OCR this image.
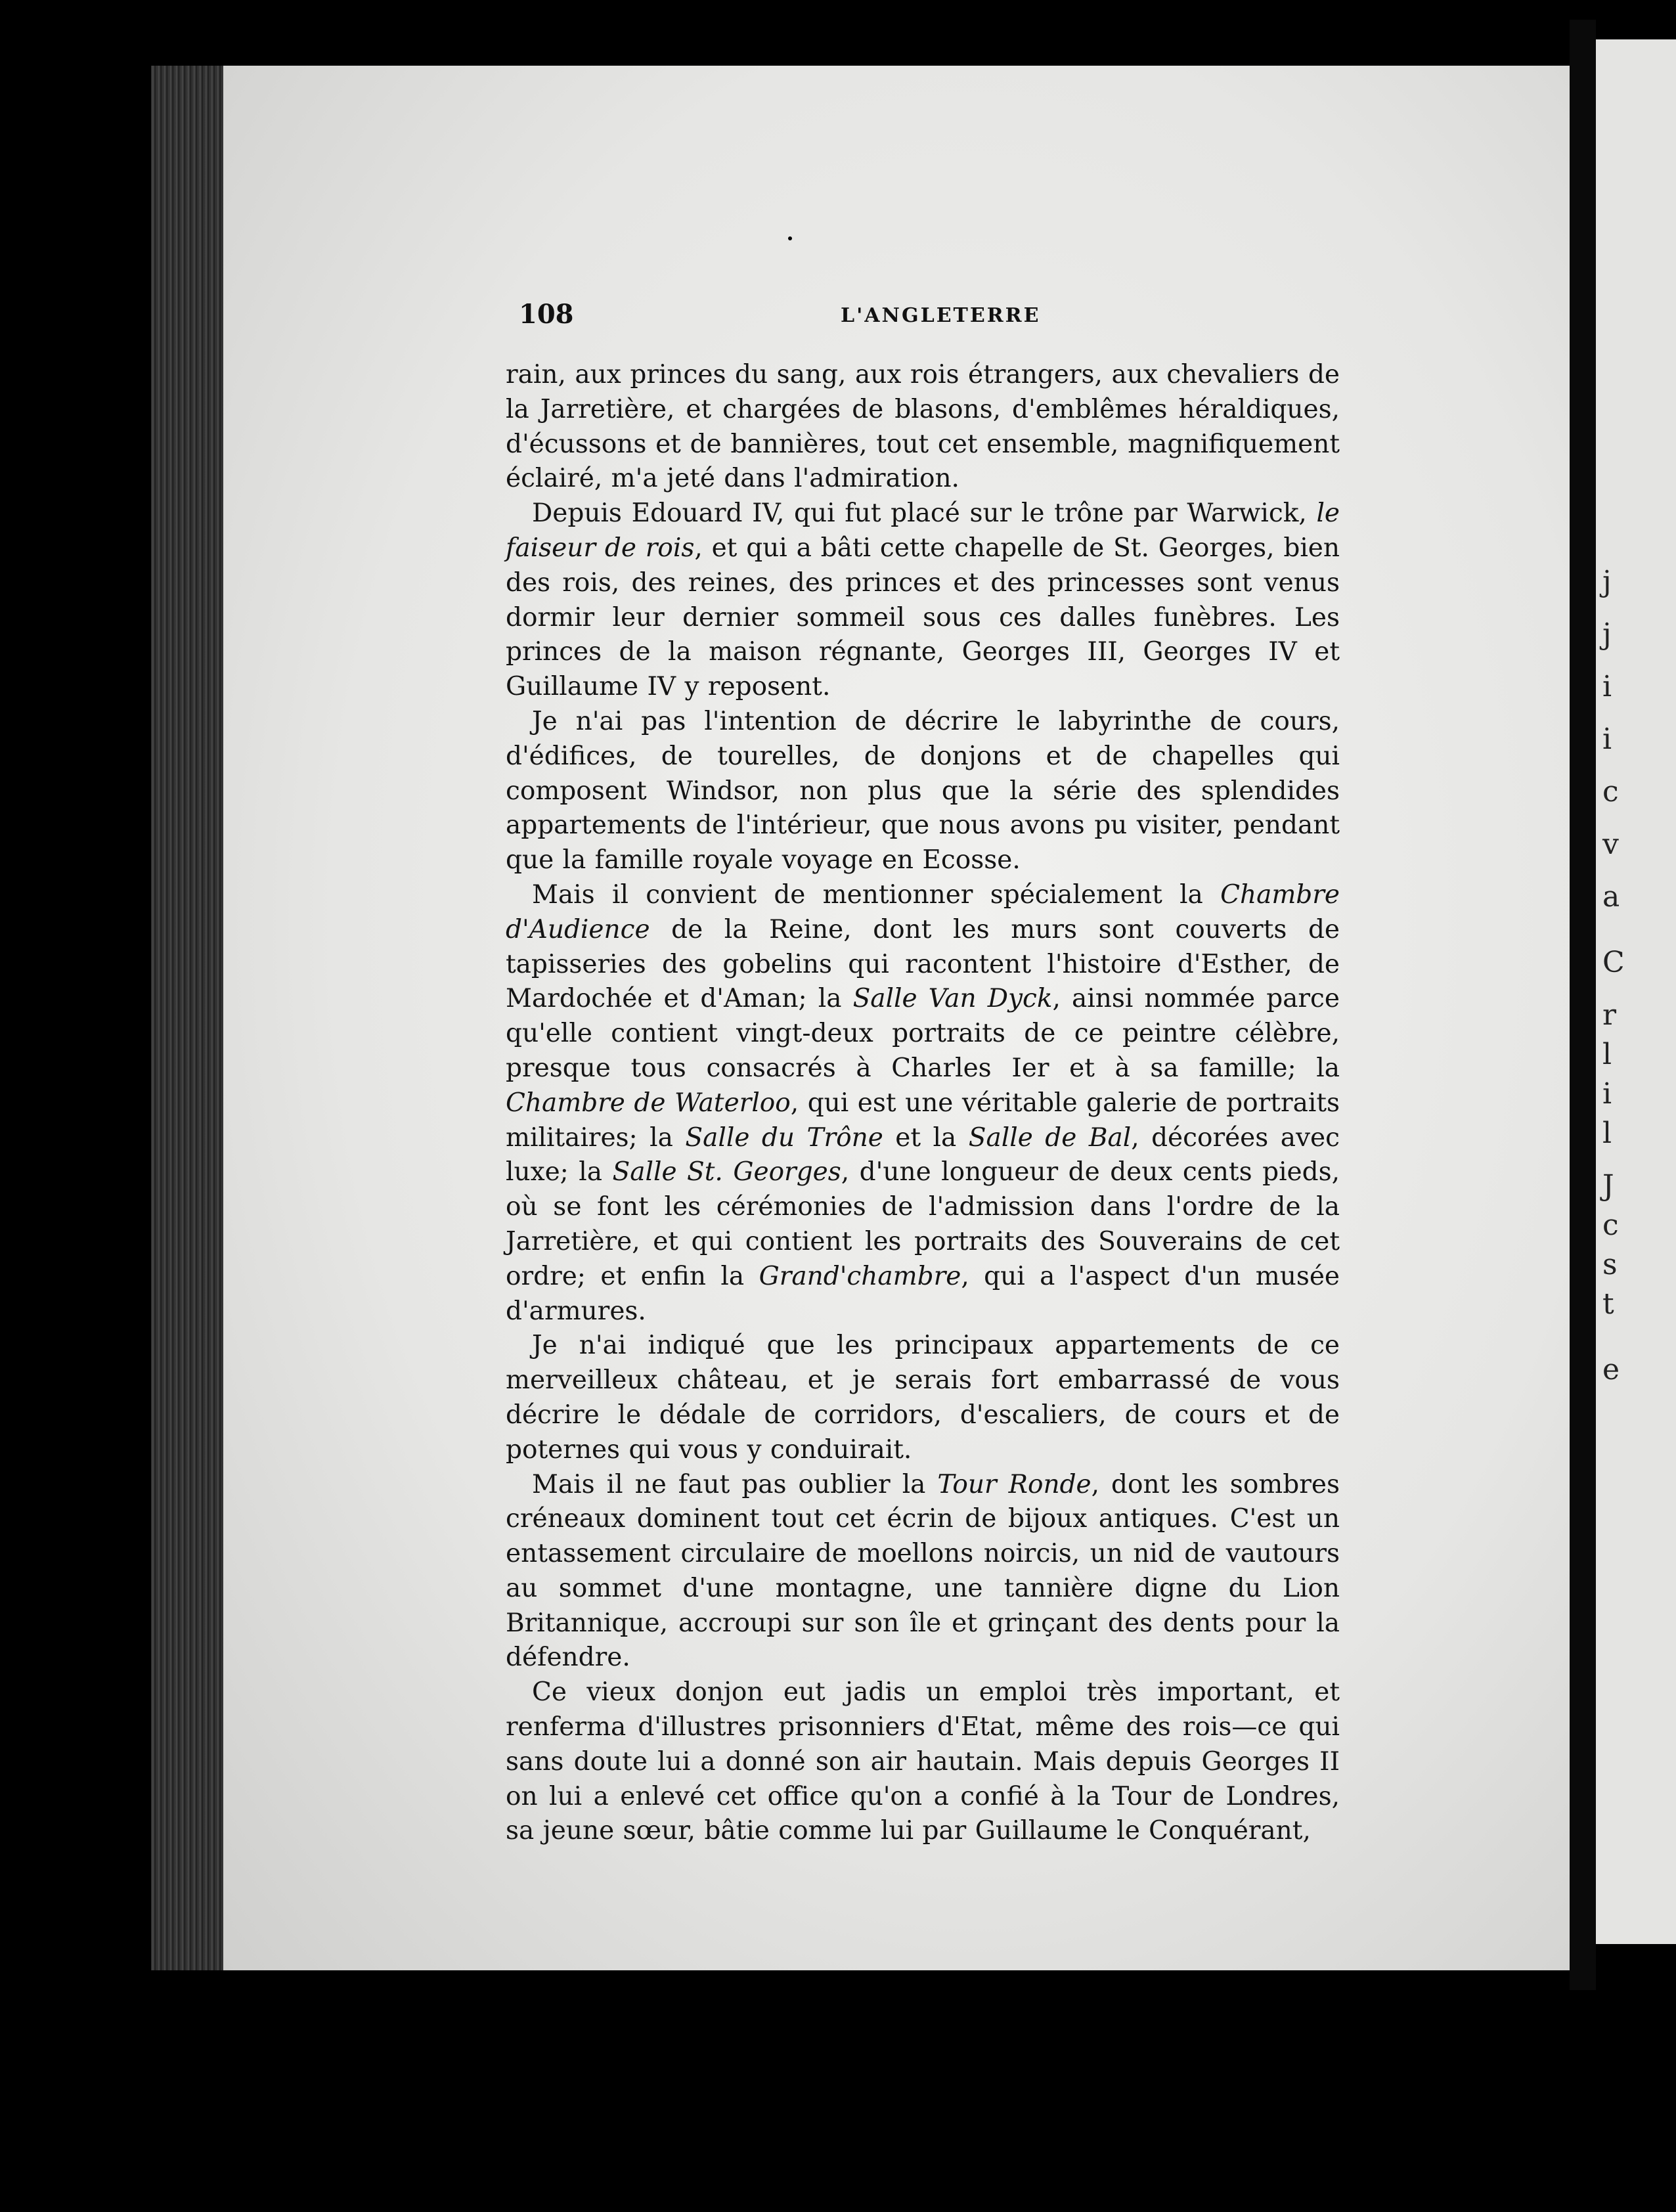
j
j
i
i
c
v
a
C
r
l
i
l
J
c
s
t
e
108	L'ANGLETERRE

rain, aux princes du sang, aux rois étrangers, aux chevaliers de la Jarretière, et chargées de blasons, d'emblêmes héraldiques, d'écussons et de bannières, tout cet ensemble, magnifiquement éclairé, m'a jeté dans l'admiration.

Depuis Edouard IV, qui fut placé sur le trône par Warwick, le faiseur de rois, et qui a bâti cette chapelle de St. Georges, bien des rois, des reines, des princes et des princesses sont venus dormir leur dernier sommeil sous ces dalles funèbres. Les princes de la maison régnante, Georges III, Georges IV et Guillaume IV y reposent.

Je n'ai pas l'intention de décrire le labyrinthe de cours, d'édifices, de tourelles, de donjons et de chapelles qui composent Windsor, non plus que la série des splendides appartements de l'intérieur, que nous avons pu visiter, pendant que la famille royale voyage en Ecosse.

Mais il convient de mentionner spécialement la Chambre d'Audience de la Reine, dont les murs sont couverts de tapisseries des gobelins qui racontent l'histoire d'Esther, de Mardochée et d'Aman; la Salle Van Dyck, ainsi nommée parce qu'elle contient vingt-deux portraits de ce peintre célèbre, presque tous consacrés à Charles Ier et à sa famille; la Chambre de Waterloo, qui est une véritable galerie de portraits militaires; la Salle du Trône et la Salle de Bal, décorées avec luxe; la Salle St. Georges, d'une longueur de deux cents pieds, où se font les cérémonies de l'admission dans l'ordre de la Jarretière, et qui contient les portraits des Souverains de cet ordre; et enfin la Grand'chambre, qui a l'aspect d'un musée d'armures.

Je n'ai indiqué que les principaux appartements de ce merveilleux château, et je serais fort embarrassé de vous décrire le dédale de corridors, d'escaliers, de cours et de poternes qui vous y conduirait.

Mais il ne faut pas oublier la Tour Ronde, dont les sombres créneaux dominent tout cet écrin de bijoux antiques. C'est un entassement circulaire de moellons noircis, un nid de vautours au sommet d'une montagne, une tannière digne du Lion Britannique, accroupi sur son île et grinçant des dents pour la défendre.

Ce vieux donjon eut jadis un emploi très important, et renferma d'illustres prisonniers d'Etat, même des rois—ce qui sans doute lui a donné son air hautain. Mais depuis Georges II on lui a enlevé cet office qu'on a confié à la Tour de Londres, sa jeune sœur, bâtie comme lui par Guillaume le Conquérant,
